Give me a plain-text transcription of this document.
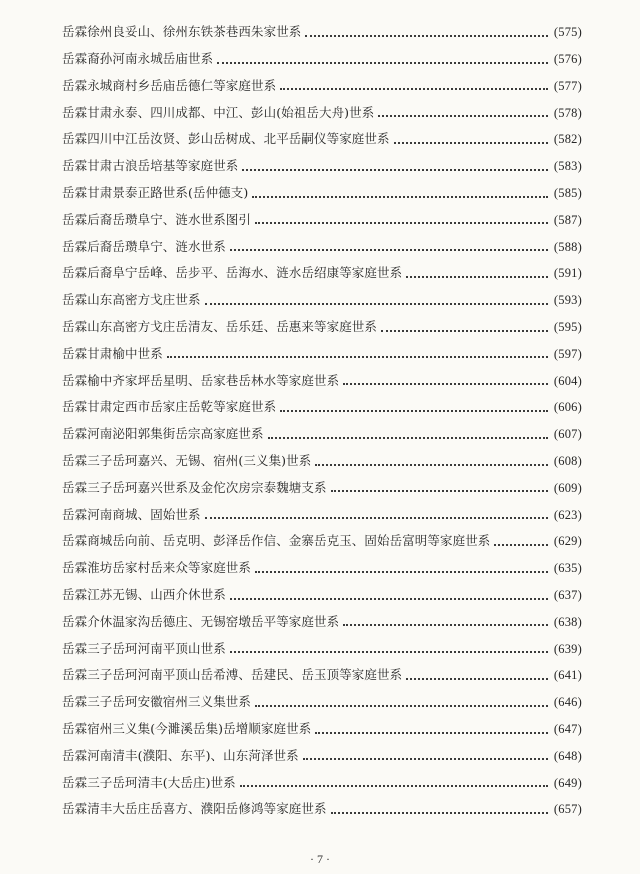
岳霖徐州良妥山、徐州东铁茶巷西朱家世系	(575)
岳霖裔孙河南永城岳庙世系	(576)
岳霖永城商村乡岳庙岳德仁等家庭世系	(577)
岳霖甘肃永泰、四川成都、中江、彭山(始祖岳大舟)世系	(578)
岳霖四川中江岳汝贤、彭山岳树成、北平岳嗣仪等家庭世系	(582)
岳霖甘肃古浪岳培基等家庭世系	(583)
岳霖甘肃景泰正路世系(岳仲德支)	(585)
岳霖后裔岳瓒阜宁、涟水世系图引	(587)
岳霖后裔岳瓒阜宁、涟水世系	(588)
岳霖后裔阜宁岳峰、岳步平、岳海水、涟水岳绍康等家庭世系	(591)
岳霖山东高密方戈庄世系	(593)
岳霖山东高密方戈庄岳清友、岳乐廷、岳惠来等家庭世系	(595)
岳霖甘肃榆中世系	(597)
岳霖榆中齐家坪岳星明、岳家巷岳林水等家庭世系	(604)
岳霖甘肃定西市岳家庄岳乾等家庭世系	(606)
岳霖河南泌阳郭集街岳宗高家庭世系	(607)
岳霖三子岳珂嘉兴、无锡、宿州(三义集)世系	(608)
岳霖三子岳珂嘉兴世系及金佗次房宗泰魏塘支系	(609)
岳霖河南商城、固始世系	(623)
岳霖商城岳向前、岳克明、彭泽岳作信、金寨岳克玉、固始岳富明等家庭世系	(629)
岳霖淮坊岳家村岳来众等家庭世系	(635)
岳霖江苏无锡、山西介休世系	(637)
岳霖介休温家沟岳德庄、无锡窑墩岳平等家庭世系	(638)
岳霖三子岳珂河南平顶山世系	(639)
岳霖三子岳珂河南平顶山岳希溥、岳建民、岳玉顶等家庭世系	(641)
岳霖三子岳珂安徽宿州三义集世系	(646)
岳霖宿州三义集(今濉溪岳集)岳增顺家庭世系	(647)
岳霖河南清丰(濮阳、东平)、山东菏泽世系	(648)
岳霖三子岳珂清丰(大岳庄)世系	(649)
岳霖清丰大岳庄岳喜方、濮阳岳修鸿等家庭世系	(657)
· 7 ·
